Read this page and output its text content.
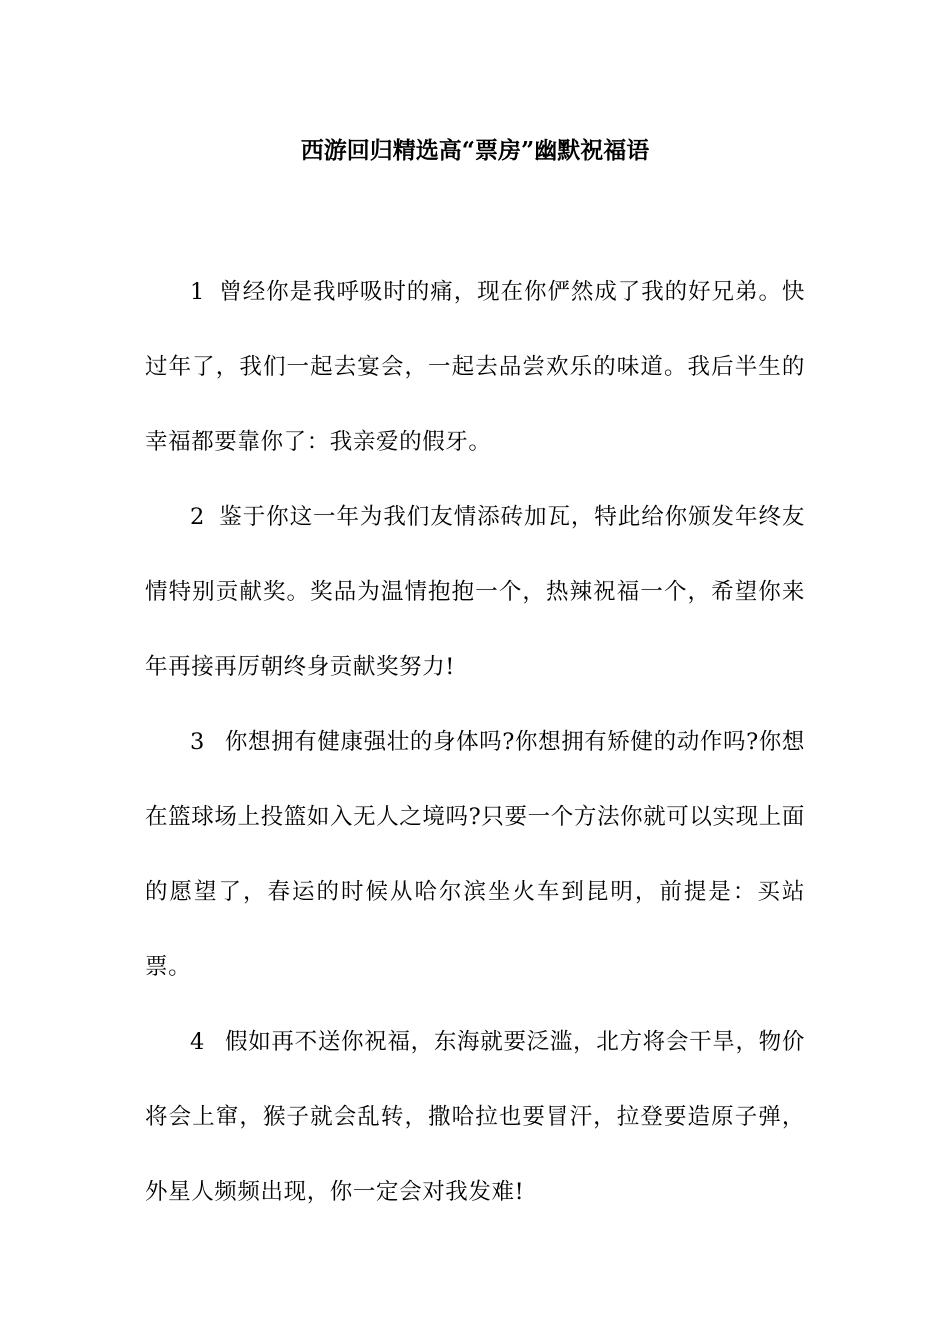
西游回归精选高“票房”幽默祝福语

1 曾经你是我呼吸时的痛，现在你俨然成了我的好兄弟。快过年了，我们一起去宴会，一起去品尝欢乐的味道。我后半生的幸福都要靠你了：我亲爱的假牙。

2 鉴于你这一年为我们友情添砖加瓦，特此给你颁发年终友情特别贡献奖。奖品为温情抱抱一个，热辣祝福一个，希望你来年再接再厉朝终身贡献奖努力!

3 你想拥有健康强壮的身体吗?你想拥有矫健的动作吗?你想在篮球场上投篮如入无人之境吗?只要一个方法你就可以实现上面的愿望了，春运的时候从哈尔滨坐火车到昆明，前提是：买站票。

4 假如再不送你祝福，东海就要泛滥，北方将会干旱，物价将会上窜，猴子就会乱转，撒哈拉也要冒汗，拉登要造原子弹，外星人频频出现，你一定会对我发难!
